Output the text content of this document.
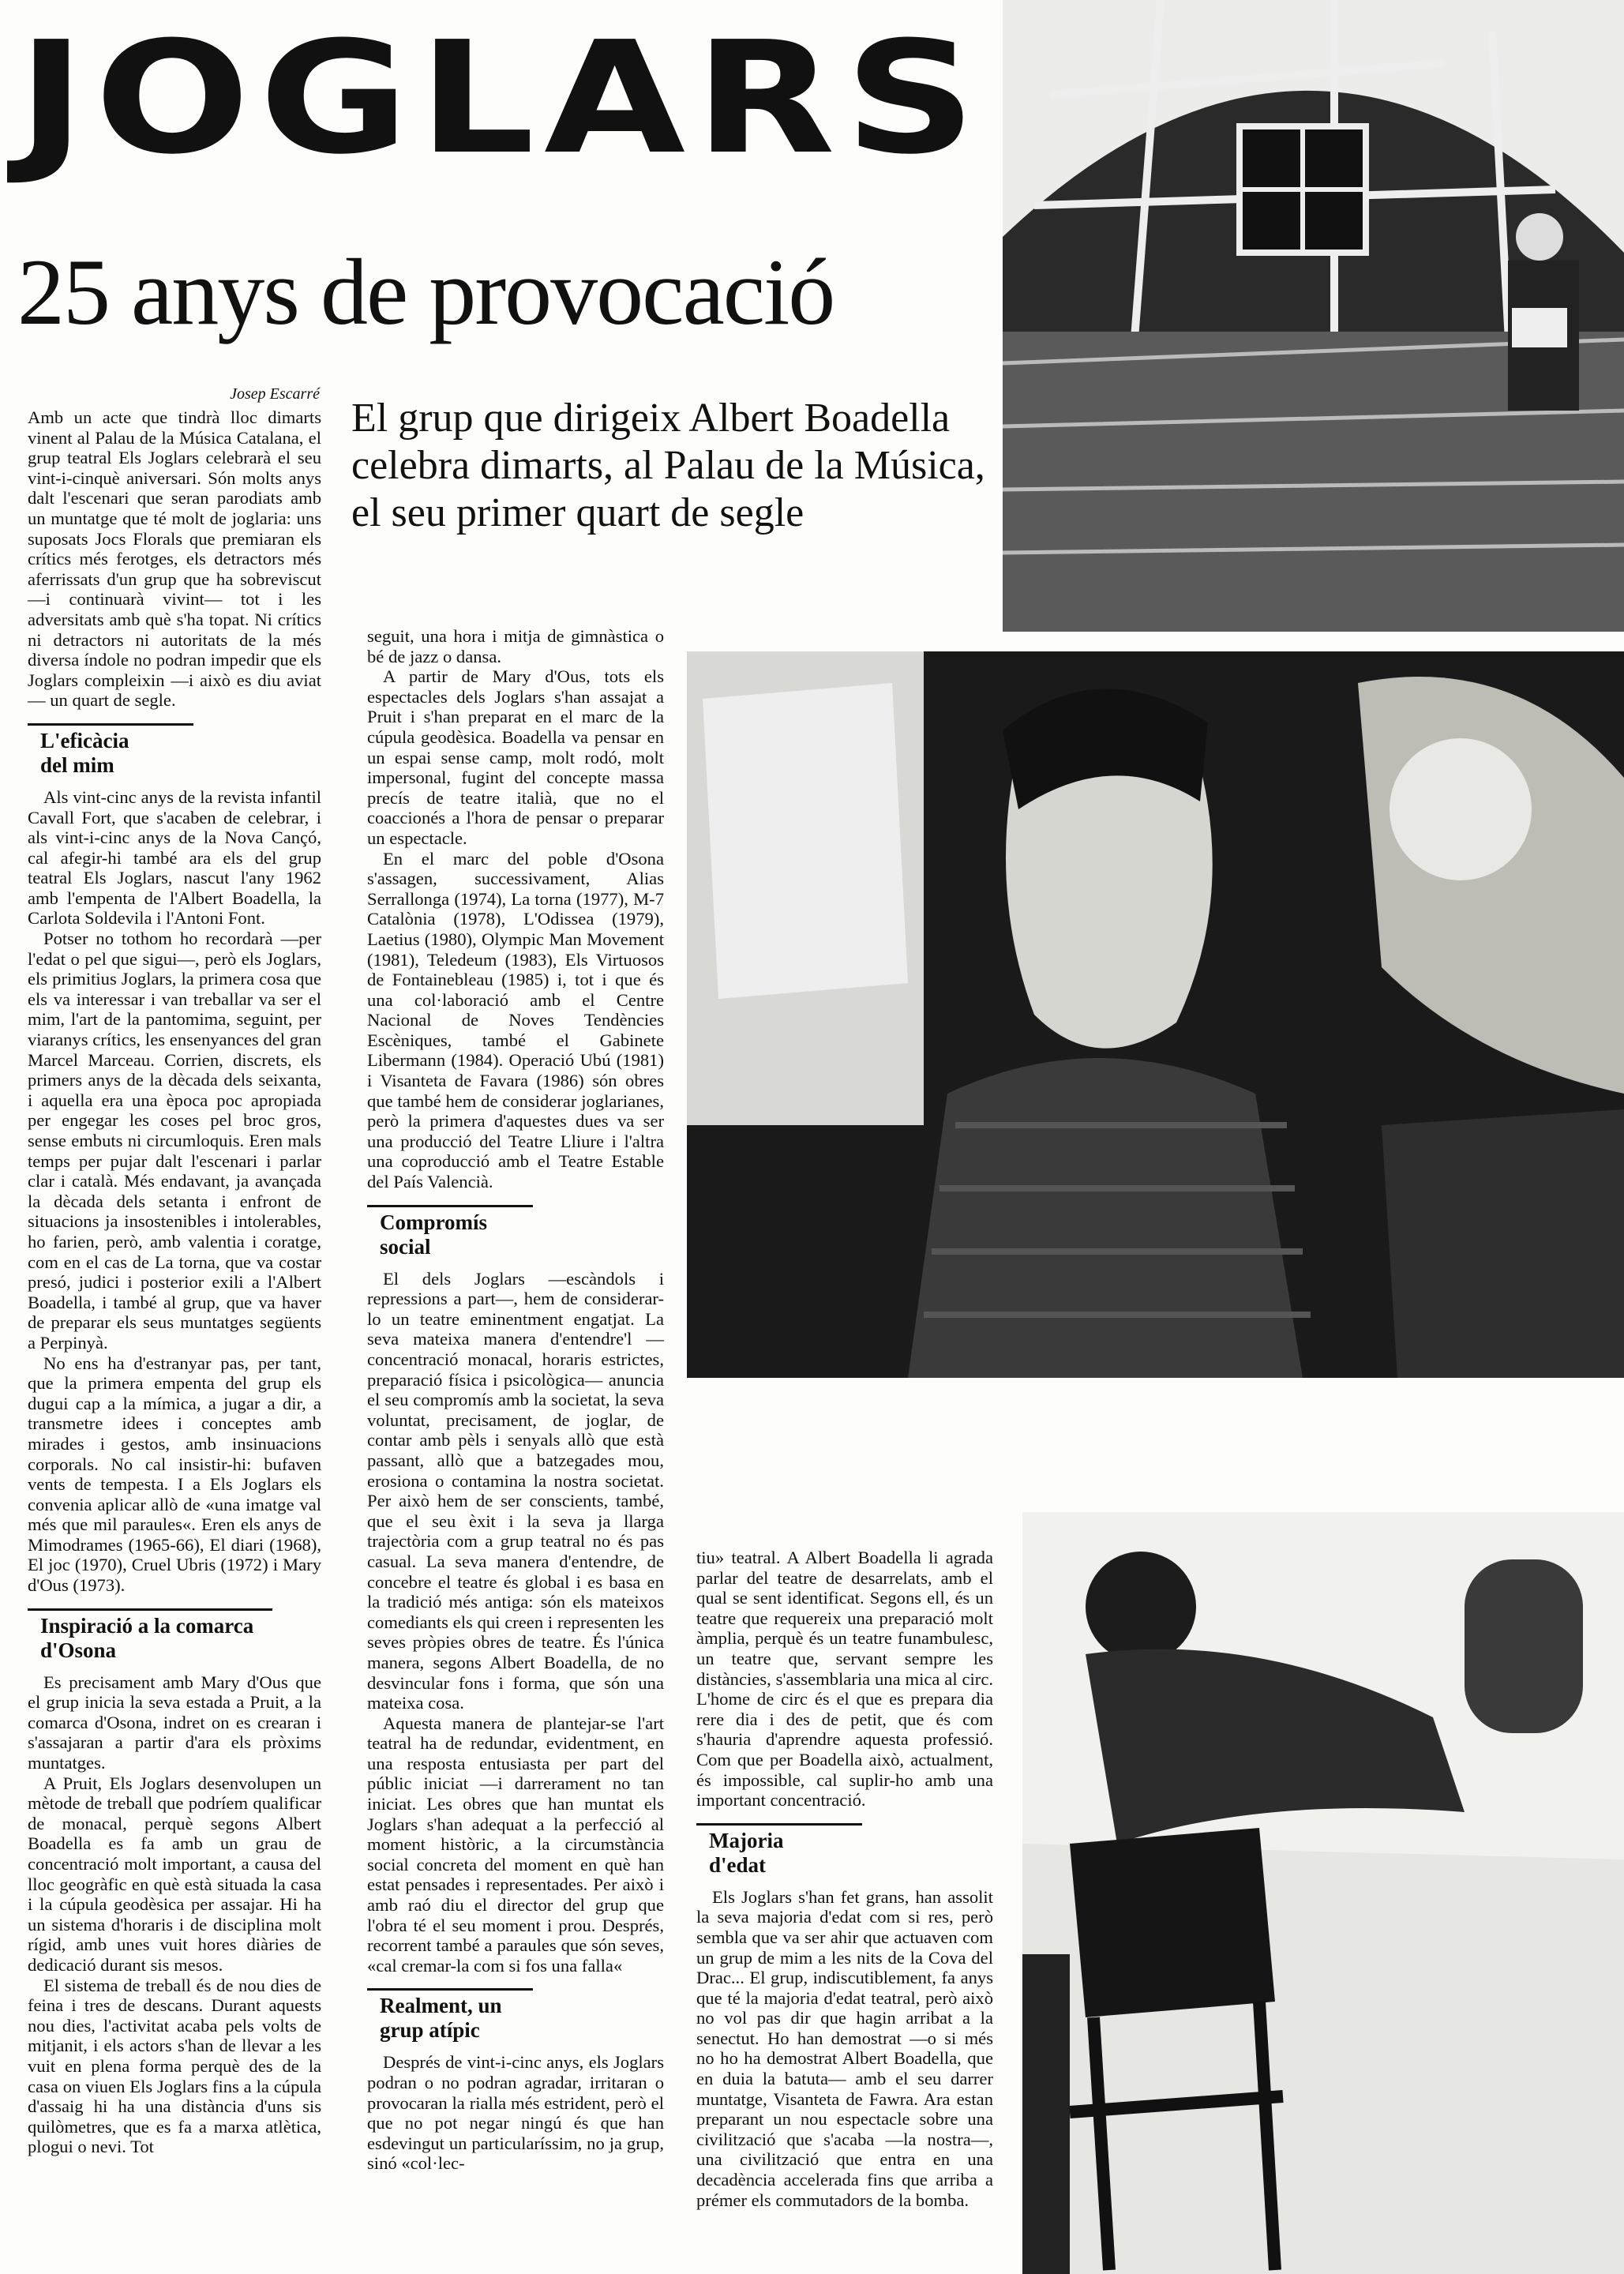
JOGLARS
25 anys de provocació
Josep Escarré
El grup que dirigeix Albert Boadella celebra dimarts, al Palau de la Música, el seu primer quart de segle

Amb un acte que tindrà lloc dimarts vinent al Palau de la Música Catalana, el grup teatral Els Joglars celebrarà el seu vint-i-cinquè aniversari. Són molts anys dalt l'escenari que seran parodiats amb un muntatge que té molt de joglaria: uns suposats Jocs Florals que premiaran els crítics més ferotges, els detractors més aferrissats d'un grup que ha sobreviscut —i continuarà vivint— tot i les adversitats amb què s'ha topat. Ni crítics ni detractors ni autoritats de la més diversa índole no podran impedir que els Joglars compleixin —i això es diu aviat— un quart de segle.

L'eficàcia
del mim

Als vint-cinc anys de la revista infantil Cavall Fort, que s'acaben de celebrar, i als vint-i-cinc anys de la Nova Cançó, cal afegir-hi també ara els del grup teatral Els Joglars, nascut l'any 1962 amb l'empenta de l'Albert Boadella, la Carlota Soldevila i l'Antoni Font.

Potser no tothom ho recordarà —per l'edat o pel que sigui—, però els Joglars, els primitius Joglars, la primera cosa que els va interessar i van treballar va ser el mim, l'art de la pantomima, seguint, per viaranys crítics, les ensenyances del gran Marcel Marceau. Corrien, discrets, els primers anys de la dècada dels seixanta, i aquella era una època poc apropiada per engegar les coses pel broc gros, sense embuts ni circumloquis. Eren mals temps per pujar dalt l'escenari i parlar clar i català. Més endavant, ja avançada la dècada dels setanta i enfront de situacions ja insostenibles i intolerables, ho farien, però, amb valentia i coratge, com en el cas de La torna, que va costar presó, judici i posterior exili a l'Albert Boadella, i també al grup, que va haver de preparar els seus muntatges següents a Perpinyà.

No ens ha d'estranyar pas, per tant, que la primera empenta del grup els dugui cap a la mímica, a jugar a dir, a transmetre idees i conceptes amb mirades i gestos, amb insinuacions corporals. No cal insistir-hi: bufaven vents de tempesta. I a Els Joglars els convenia aplicar allò de «una imatge val més que mil paraules«. Eren els anys de Mimodrames (1965-66), El diari (1968), El joc (1970), Cruel Ubris (1972) i Mary d'Ous (1973).

Inspiració a la comarca
d'Osona

Es precisament amb Mary d'Ous que el grup inicia la seva estada a Pruit, a la comarca d'Osona, indret on es crearan i s'assajaran a partir d'ara els pròxims muntatges.

A Pruit, Els Joglars desenvolupen un mètode de treball que podríem qualificar de monacal, perquè segons Albert Boadella es fa amb un grau de concentració molt important, a causa del lloc geogràfic en què està situada la casa i la cúpula geodèsica per assajar. Hi ha un sistema d'horaris i de disciplina molt rígid, amb unes vuit hores diàries de dedicació durant sis mesos.

El sistema de treball és de nou dies de feina i tres de descans. Durant aquests nou dies, l'activitat acaba pels volts de mitjanit, i els actors s'han de llevar a les vuit en plena forma perquè des de la casa on viuen Els Joglars fins a la cúpula d'assaig hi ha una distància d'uns sis quilòmetres, que es fa a marxa atlètica, plogui o nevi. Tot

seguit, una hora i mitja de gimnàstica o bé de jazz o dansa.

A partir de Mary d'Ous, tots els espectacles dels Joglars s'han assajat a Pruit i s'han preparat en el marc de la cúpula geodèsica. Boadella va pensar en un espai sense camp, molt rodó, molt impersonal, fugint del concepte massa precís de teatre italià, que no el coaccionés a l'hora de pensar o preparar un espectacle.

En el marc del poble d'Osona s'assagen, successivament, Alias Serrallonga (1974), La torna (1977), M-7 Catalònia (1978), L'Odissea (1979), Laetius (1980), Olympic Man Movement (1981), Teledeum (1983), Els Virtuosos de Fontainebleau (1985) i, tot i que és una col·laboració amb el Centre Nacional de Noves Tendències Escèniques, també el Gabinete Libermann (1984). Operació Ubú (1981) i Visanteta de Favara (1986) són obres que també hem de considerar joglarianes, però la primera d'aquestes dues va ser una producció del Teatre Lliure i l'altra una coproducció amb el Teatre Estable del País Valencià.

Compromís
social

El dels Joglars —escàndols i repressions a part—, hem de considerar-lo un teatre eminentment engatjat. La seva mateixa manera d'entendre'l —concentració monacal, horaris estrictes, preparació física i psicològica— anuncia el seu compromís amb la societat, la seva voluntat, precisament, de joglar, de contar amb pèls i senyals allò que està passant, allò que a batzegades mou, erosiona o contamina la nostra societat. Per això hem de ser conscients, també, que el seu èxit i la seva ja llarga trajectòria com a grup teatral no és pas casual. La seva manera d'entendre, de concebre el teatre és global i es basa en la tradició més antiga: són els mateixos comediants els qui creen i representen les seves pròpies obres de teatre. És l'única manera, segons Albert Boadella, de no desvincular fons i forma, que són una mateixa cosa.

Aquesta manera de plantejar-se l'art teatral ha de redundar, evidentment, en una resposta entusiasta per part del públic iniciat —i darrerament no tan iniciat. Les obres que han muntat els Joglars s'han adequat a la perfecció al moment històric, a la circumstància social concreta del moment en què han estat pensades i representades. Per això i amb raó diu el director del grup que l'obra té el seu moment i prou. Després, recorrent també a paraules que són seves, «cal cremar-la com si fos una falla«

Realment, un
grup atípic

Després de vint-i-cinc anys, els Joglars podran o no podran agradar, irritaran o provocaran la rialla més estrident, però el que no pot negar ningú és que han esdevingut un particularíssim, no ja grup, sinó «col·lec-

tiu» teatral. A Albert Boadella li agrada parlar del teatre de desarrelats, amb el qual se sent identificat. Segons ell, és un teatre que requereix una preparació molt àmplia, perquè és un teatre funambulesc, un teatre que, servant sempre les distàncies, s'assemblaria una mica al circ. L'home de circ és el que es prepara dia rere dia i des de petit, que és com s'hauria d'aprendre aquesta professió. Com que per Boadella això, actualment, és impossible, cal suplir-ho amb una important concentració.

Majoria
d'edat

Els Joglars s'han fet grans, han assolit la seva majoria d'edat com si res, però sembla que va ser ahir que actuaven com un grup de mim a les nits de la Cova del Drac... El grup, indiscutiblement, fa anys que té la majoria d'edat teatral, però això no vol pas dir que hagin arribat a la senectut. Ho han demostrat —o si més no ho ha demostrat Albert Boadella, que en duia la batuta— amb el seu darrer muntatge, Visanteta de Fawra. Ara estan preparant un nou espectacle sobre una civilització que s'acaba —la nostra—, una civilització que entra en una decadència accelerada fins que arriba a prémer els commutadors de la bomba.
